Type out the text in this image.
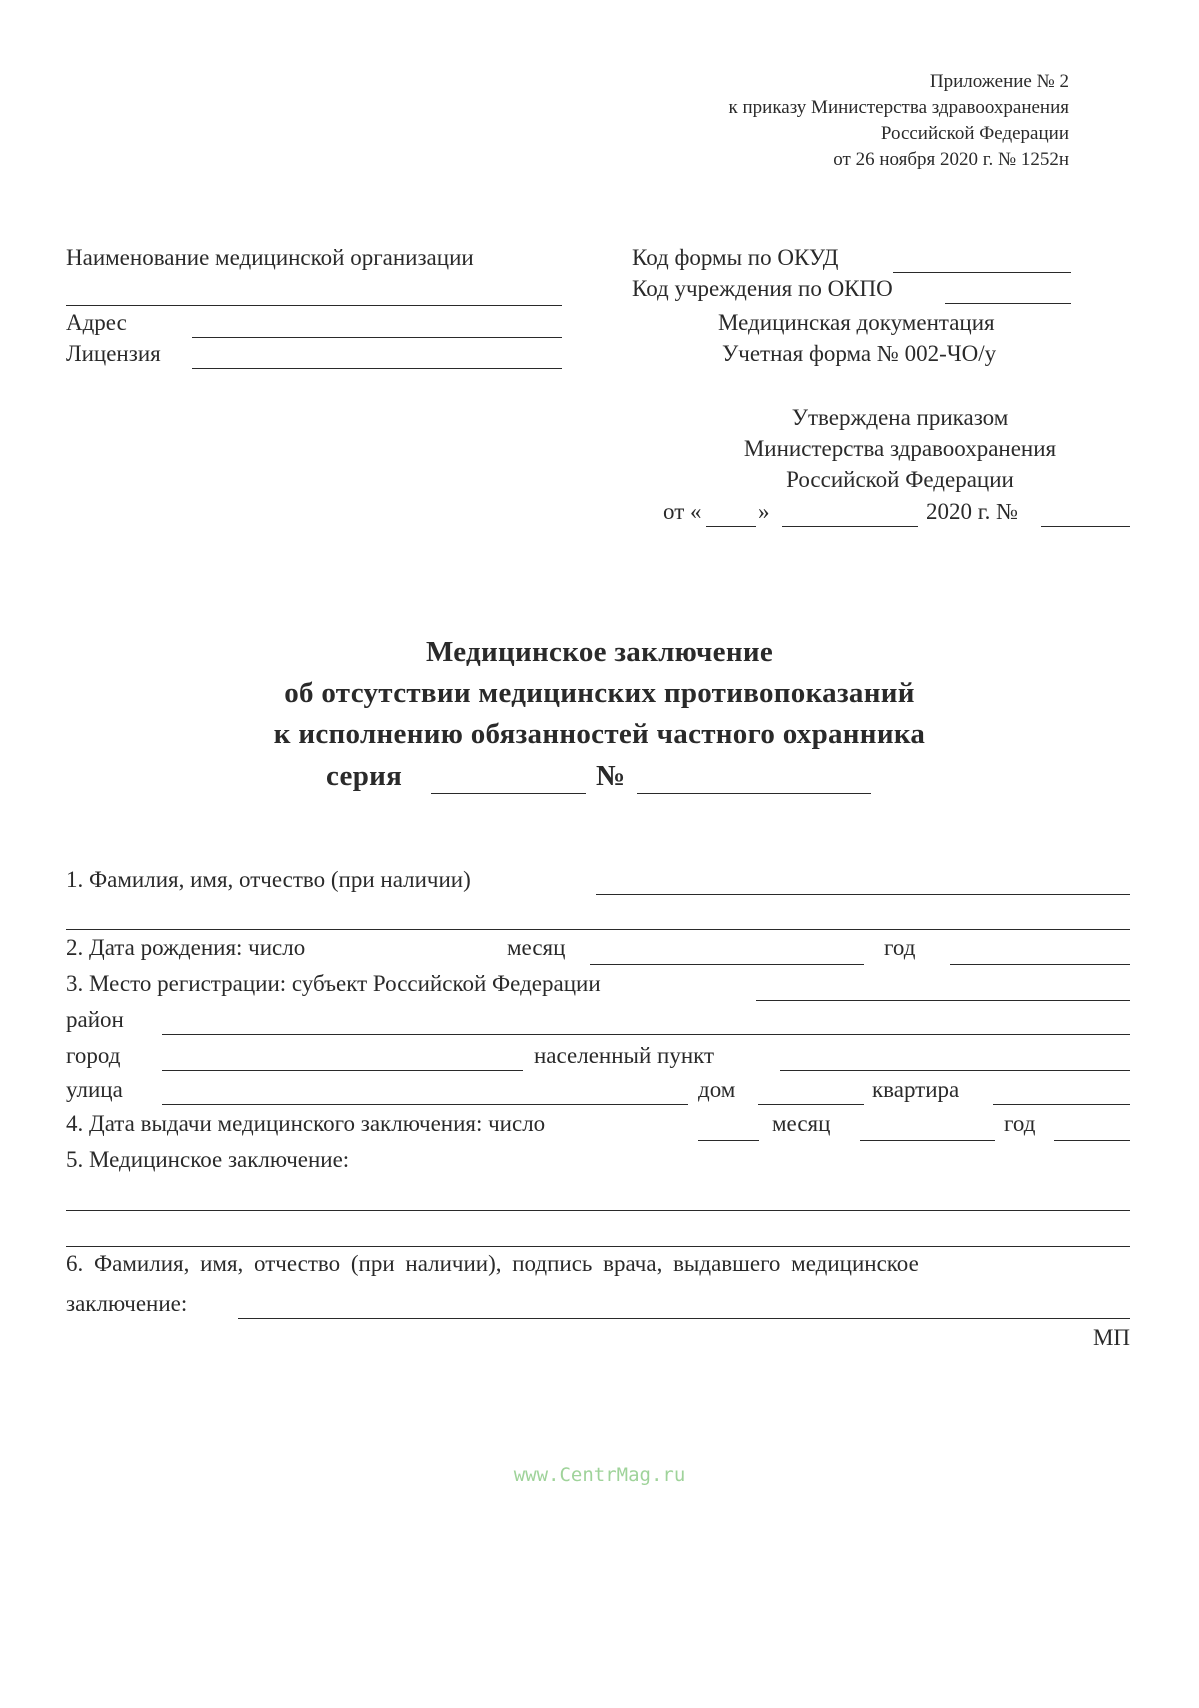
Приложение № 2
к приказу Министерства здравоохранения
Российской Федерации
от 26 ноября 2020 г. № 1252н
Наименование медицинской организации
Адрес
Лицензия
Код формы по ОКУД
Код учреждения по ОКПО
Медицинская документация
Учетная форма № 002-ЧО/у
Утверждена приказом
Министерства здравоохранения
Российской Федерации
от « »	2020 г. №
Медицинское заключение
об отсутствии медицинских противопоказаний
к исполнению обязанностей частного охранника
серия	№
1. Фамилия, имя, отчество (при наличии)
2. Дата рождения: число	месяц	год
3. Место регистрации: субъект Российской Федерации
район
город	населенный пункт
улица	дом	квартира
4. Дата выдачи медицинского заключения: число	месяц	год
5. Медицинское заключение:
6. Фамилия, имя, отчество (при наличии), подпись врача, выдавшего медицинское
заключение:
МП
www.CentrMag.ru
